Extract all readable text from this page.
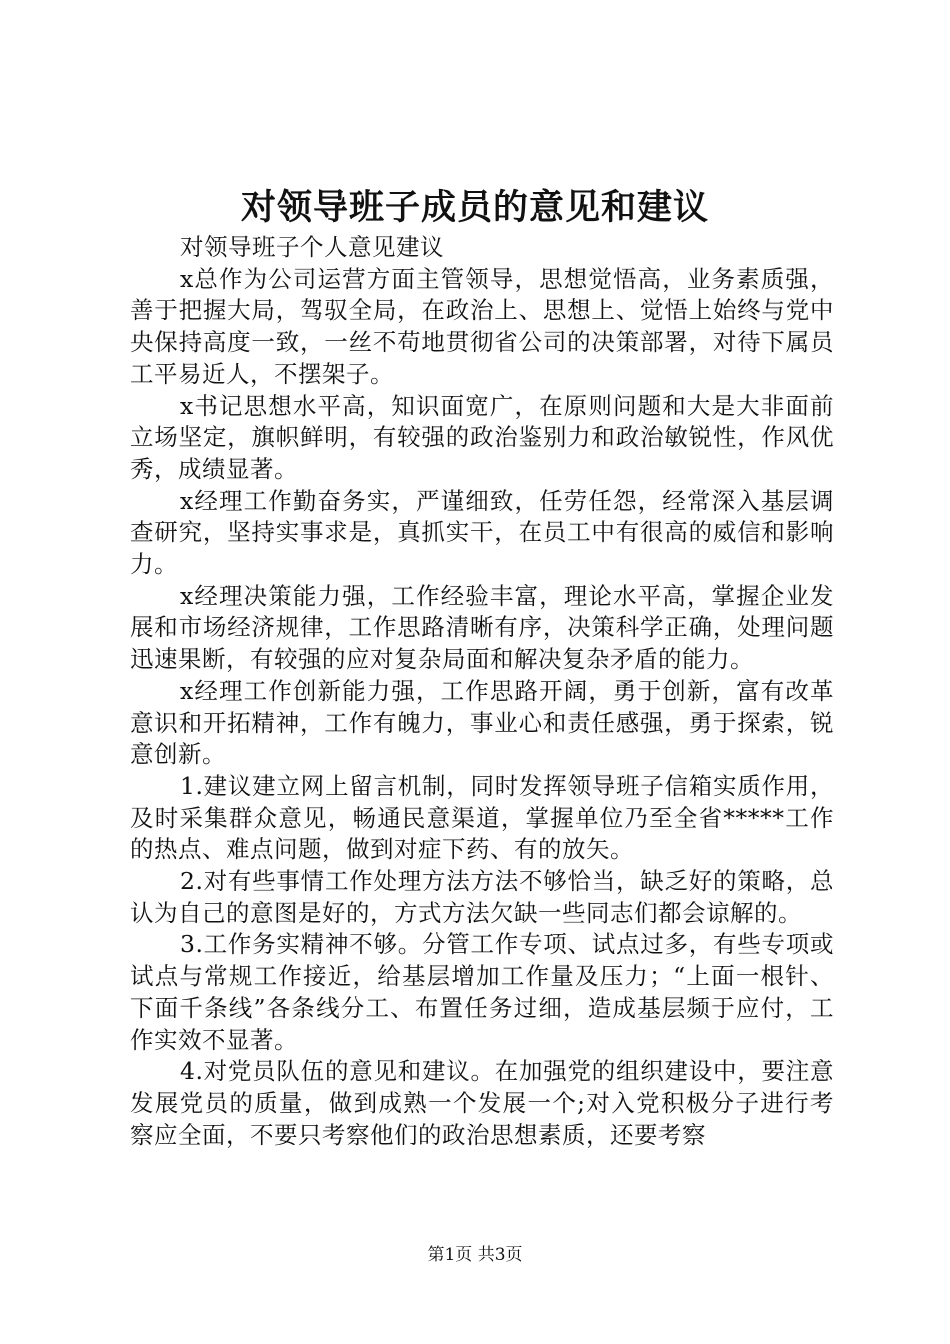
对领导班子成员的意见和建议

对领导班子个人意见建议

x总作为公司运营方面主管领导，思想觉悟高，业务素质强，善于把握大局，驾驭全局，在政治上、思想上、觉悟上始终与党中央保持高度一致，一丝不苟地贯彻省公司的决策部署，对待下属员工平易近人，不摆架子。

x书记思想水平高，知识面宽广，在原则问题和大是大非面前立场坚定，旗帜鲜明，有较强的政治鉴别力和政治敏锐性，作风优秀，成绩显著。

x经理工作勤奋务实，严谨细致，任劳任怨，经常深入基层调查研究，坚持实事求是，真抓实干，在员工中有很高的威信和影响力。

x经理决策能力强，工作经验丰富，理论水平高，掌握企业发展和市场经济规律，工作思路清晰有序，决策科学正确，处理问题迅速果断，有较强的应对复杂局面和解决复杂矛盾的能力。

x经理工作创新能力强，工作思路开阔，勇于创新，富有改革意识和开拓精神，工作有魄力，事业心和责任感强，勇于探索，锐意创新。

1.建议建立网上留言机制，同时发挥领导班子信箱实质作用，及时采集群众意见，畅通民意渠道，掌握单位乃至全省*****工作的热点、难点问题，做到对症下药、有的放矢。

2.对有些事情工作处理方法方法不够恰当，缺乏好的策略，总认为自己的意图是好的，方式方法欠缺一些同志们都会谅解的。

3.工作务实精神不够。分管工作专项、试点过多，有些专项或试点与常规工作接近，给基层增加工作量及压力；“上面一根针、下面千条线”各条线分工、布置任务过细，造成基层频于应付，工作实效不显著。

4.对党员队伍的意见和建议。在加强党的组织建设中，要注意发展党员的质量，做到成熟一个发展一个;对入党积极分子进行考察应全面，不要只考察他们的政治思想素质，还要考察

第1页 共3页
